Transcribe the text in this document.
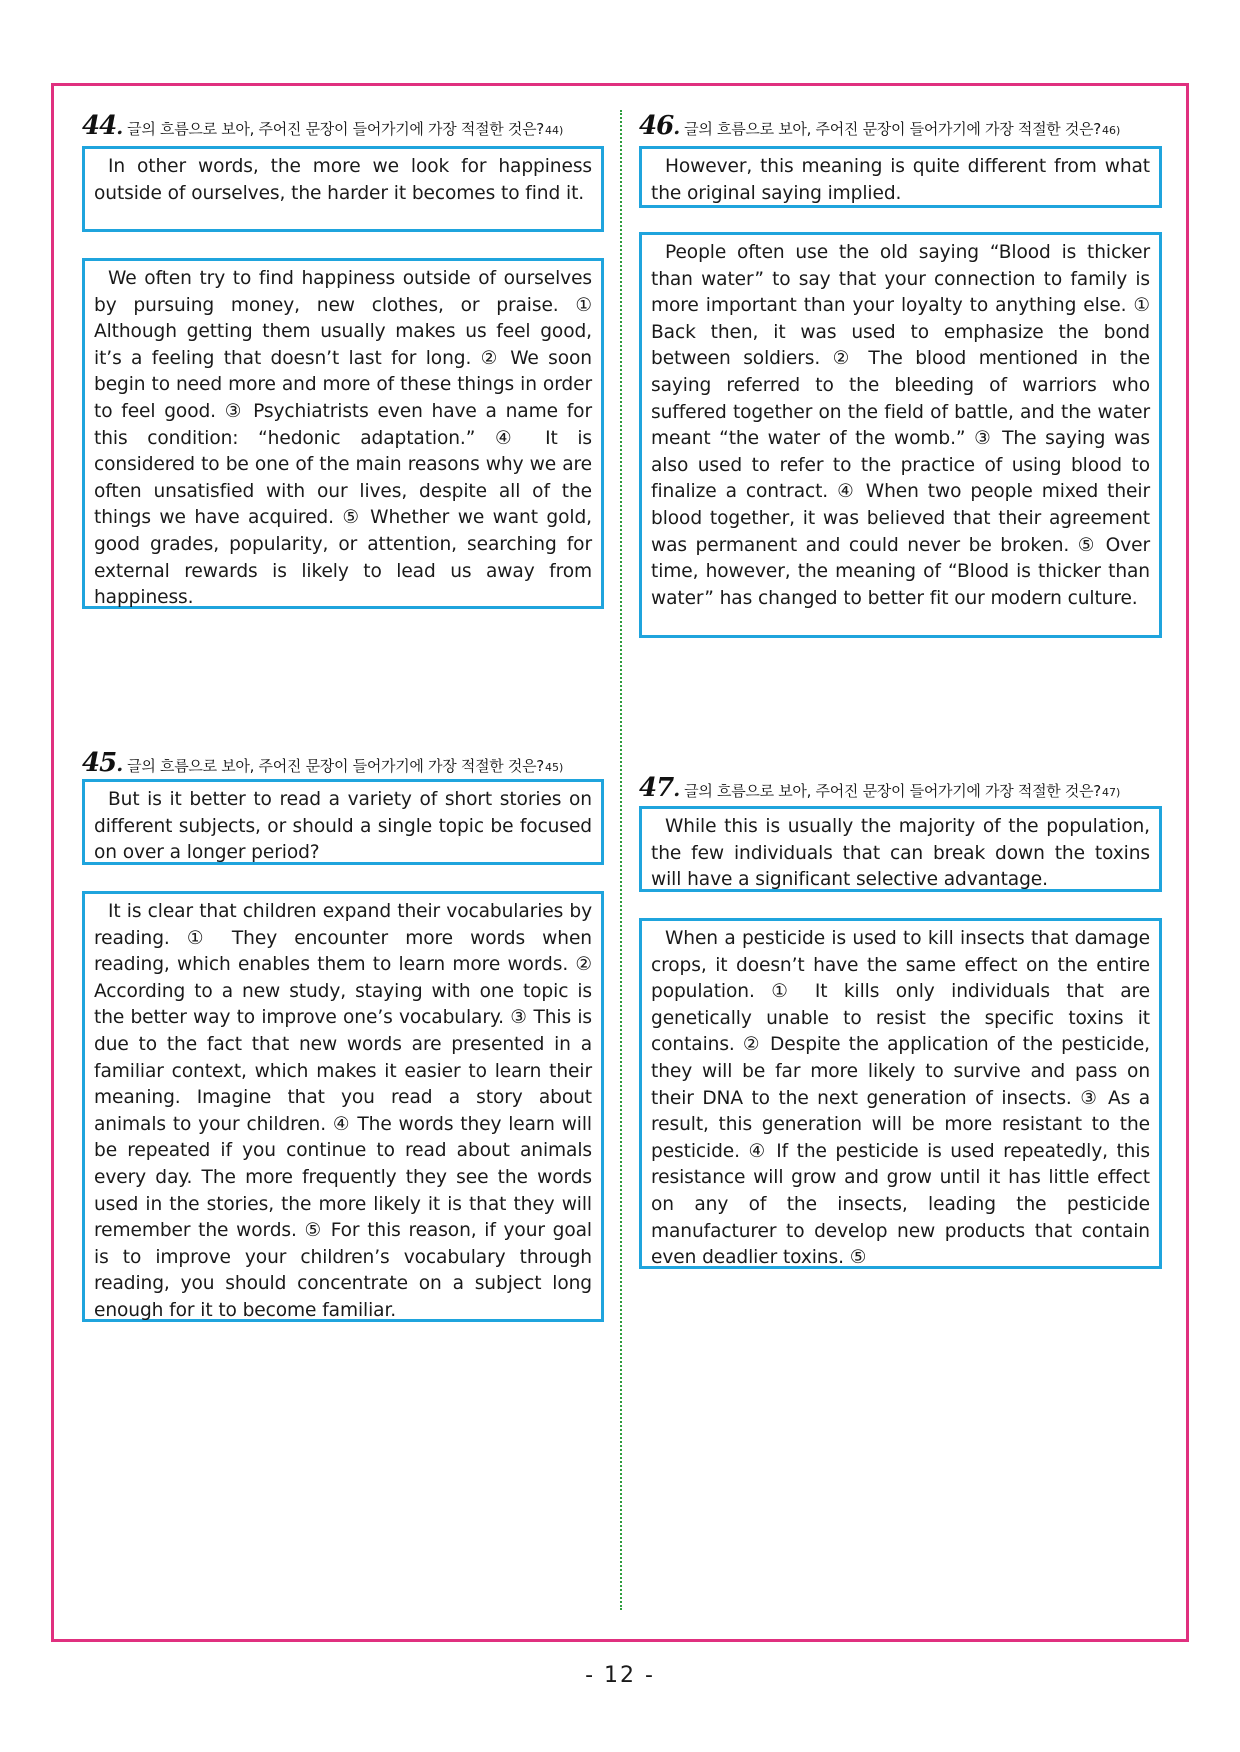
44 . 글의 흐름으로 보아, 주어진 문장이 들어가기에 가장 적절한 것은? 44)
In other words, the more we look for happiness outside of ourselves, the harder it becomes to find it.
We often try to find happiness outside of ourselves by pursuing money, new clothes, or praise. ① Although getting them usually makes us feel good, it’s a feeling that doesn’t last for long. ② We soon begin to need more and more of these things in order to feel good. ③ Psychiatrists even have a name for this condition: “hedonic adaptation.” ④ It is considered to be one of the main reasons why we are often unsatisfied with our lives, despite all of the things we have acquired. ⑤ Whether we want gold, good grades, popularity, or attention, searching for external rewards is likely to lead us away from happiness.
45 . 글의 흐름으로 보아, 주어진 문장이 들어가기에 가장 적절한 것은? 45)
But is it better to read a variety of short stories on different subjects, or should a single topic be focused on over a longer period?
It is clear that children expand their vocabularies by reading. ① They encounter more words when reading, which enables them to learn more words. ② According to a new study, staying with one topic is the better way to improve one’s vocabulary. ③ This is due to the fact that new words are presented in a familiar context, which makes it easier to learn their meaning. Imagine that you read a story about animals to your children. ④ The words they learn will be repeated if you continue to read about animals every day. The more frequently they see the words used in the stories, the more likely it is that they will remember the words. ⑤ For this reason, if your goal is to improve your children’s vocabulary through reading, you should concentrate on a subject long enough for it to become familiar.
46 . 글의 흐름으로 보아, 주어진 문장이 들어가기에 가장 적절한 것은? 46)
However, this meaning is quite different from what the original saying implied.
People often use the old saying “Blood is thicker than water” to say that your connection to family is more important than your loyalty to anything else. ① Back then, it was used to emphasize the bond between soldiers. ② The blood mentioned in the saying referred to the bleeding of warriors who suffered together on the field of battle, and the water meant “the water of the womb.” ③ The saying was also used to refer to the practice of using blood to finalize a contract. ④ When two people mixed their blood together, it was believed that their agreement was permanent and could never be broken. ⑤ Over time, however, the meaning of “Blood is thicker than water” has changed to better fit our modern culture.
47 . 글의 흐름으로 보아, 주어진 문장이 들어가기에 가장 적절한 것은? 47)
While this is usually the majority of the population, the few individuals that can break down the toxins will have a significant selective advantage.
When a pesticide is used to kill insects that damage crops, it doesn’t have the same effect on the entire population. ① It kills only individuals that are genetically unable to resist the specific toxins it contains. ② Despite the application of the pesticide, they will be far more likely to survive and pass on their DNA to the next generation of insects. ③ As a result, this generation will be more resistant to the pesticide. ④ If the pesticide is used repeatedly, this resistance will grow and grow until it has little effect on any of the insects, leading the pesticide manufacturer to develop new products that contain even deadlier toxins. ⑤
- 12 -
